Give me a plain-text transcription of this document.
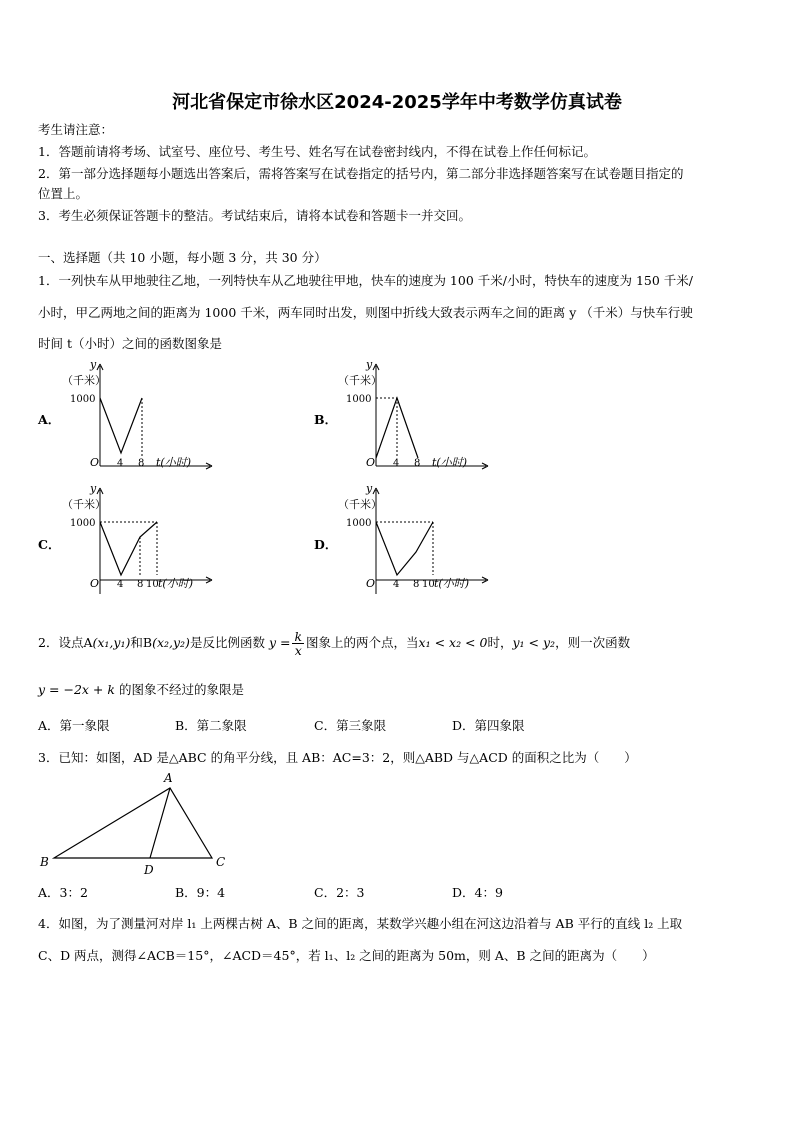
河北省保定市徐水区2024-2025学年中考数学仿真试卷
考生请注意：
1．答题前请将考场、试室号、座位号、考生号、姓名写在试卷密封线内，不得在试卷上作任何标记。
2．第一部分选择题每小题选出答案后，需将答案写在试卷指定的括号内，第二部分非选择题答案写在试卷题目指定的
位置上。
3．考生必须保证答题卡的整洁。考试结束后，请将本试卷和答题卡一并交回。
一、选择题（共 10 小题，每小题 3 分，共 30 分）
1．一列快车从甲地驶往乙地，一列特快车从乙地驶往甲地，快车的速度为 100 千米/小时，特快车的速度为 150 千米/
小时，甲乙两地之间的距离为 1000 千米，两车同时出发，则图中折线大致表示两车之间的距离 y （千米）与快车行驶
时间 t（小时）之间的函数图象是
A．	B．
C．	D．
y
（千米）
1000
O 4 8 t(小时)
y
（千米）
1000
O 4 8 t(小时)
y
（千米）
1000
O 4 8 10 t(小时)
y
（千米）
1000
O 4 8 10 t(小时)
2．设点A(x₁,y₁)和B(x₂,y₂)是反比例函数 $y = \frac{k}{x}$ 图象上的两个点，当x₁ < x₂ < 0时，y₁ < y₂，则一次函数
y = −2x + k 的图象不经过的象限是
A．第一象限	B．第二象限	C．第三象限	D．第四象限
3．已知：如图，AD 是△ABC 的角平分线，且 AB：AC=3：2，则△ABD 与△ACD 的面积之比为（　　）
A
B	C
D
A．3：2	B．9：4	C．2：3	D．4：9
4．如图，为了测量河对岸 l₁ 上两棵古树 A、B 之间的距离，某数学兴趣小组在河这边沿着与 AB 平行的直线 l₂ 上取
C、D 两点，测得∠ACB＝15°，∠ACD＝45°，若 l₁、l₂ 之间的距离为 50m，则 A、B 之间的距离为（　　）
